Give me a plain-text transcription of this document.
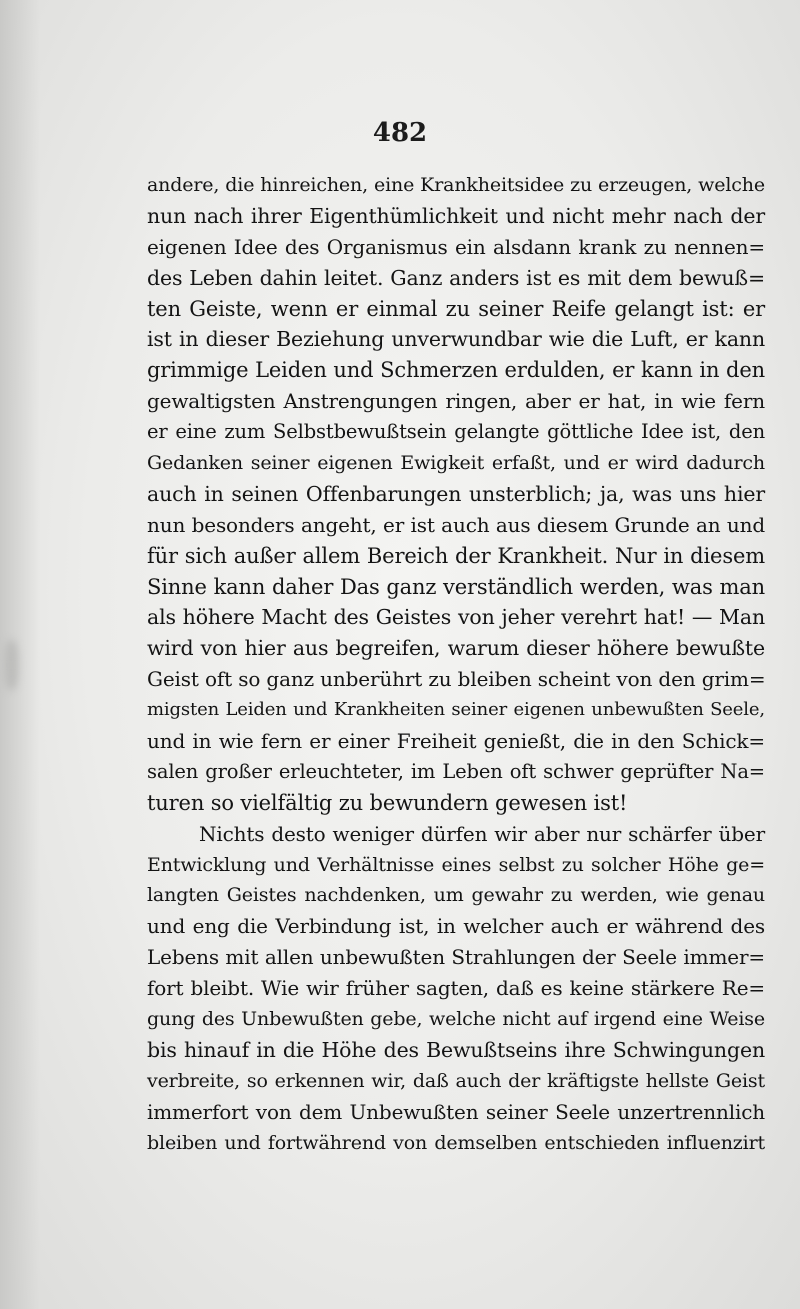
482
andere, die hinreichen, eine Krankheitsidee zu erzeugen, welche
nun nach ihrer Eigenthümlichkeit und nicht mehr nach der
eigenen Idee des Organismus ein alsdann krank zu nennen=
des Leben dahin leitet. Ganz anders ist es mit dem bewuß=
ten Geiste, wenn er einmal zu seiner Reife gelangt ist: er
ist in dieser Beziehung unverwundbar wie die Luft, er kann
grimmige Leiden und Schmerzen erdulden, er kann in den
gewaltigsten Anstrengungen ringen, aber er hat, in wie fern
er eine zum Selbstbewußtsein gelangte göttliche Idee ist, den
Gedanken seiner eigenen Ewigkeit erfaßt, und er wird dadurch
auch in seinen Offenbarungen unsterblich; ja, was uns hier
nun besonders angeht, er ist auch aus diesem Grunde an und
für sich außer allem Bereich der Krankheit. Nur in diesem
Sinne kann daher Das ganz verständlich werden, was man
als höhere Macht des Geistes von jeher verehrt hat! — Man
wird von hier aus begreifen, warum dieser höhere bewußte
Geist oft so ganz unberührt zu bleiben scheint von den grim=
migsten Leiden und Krankheiten seiner eigenen unbewußten Seele,
und in wie fern er einer Freiheit genießt, die in den Schick=
salen großer erleuchteter, im Leben oft schwer geprüfter Na=
turen so vielfältig zu bewundern gewesen ist!
Nichts desto weniger dürfen wir aber nur schärfer über
Entwicklung und Verhältnisse eines selbst zu solcher Höhe ge=
langten Geistes nachdenken, um gewahr zu werden, wie genau
und eng die Verbindung ist, in welcher auch er während des
Lebens mit allen unbewußten Strahlungen der Seele immer=
fort bleibt. Wie wir früher sagten, daß es keine stärkere Re=
gung des Unbewußten gebe, welche nicht auf irgend eine Weise
bis hinauf in die Höhe des Bewußtseins ihre Schwingungen
verbreite, so erkennen wir, daß auch der kräftigste hellste Geist
immerfort von dem Unbewußten seiner Seele unzertrennlich
bleiben und fortwährend von demselben entschieden influenzirt
